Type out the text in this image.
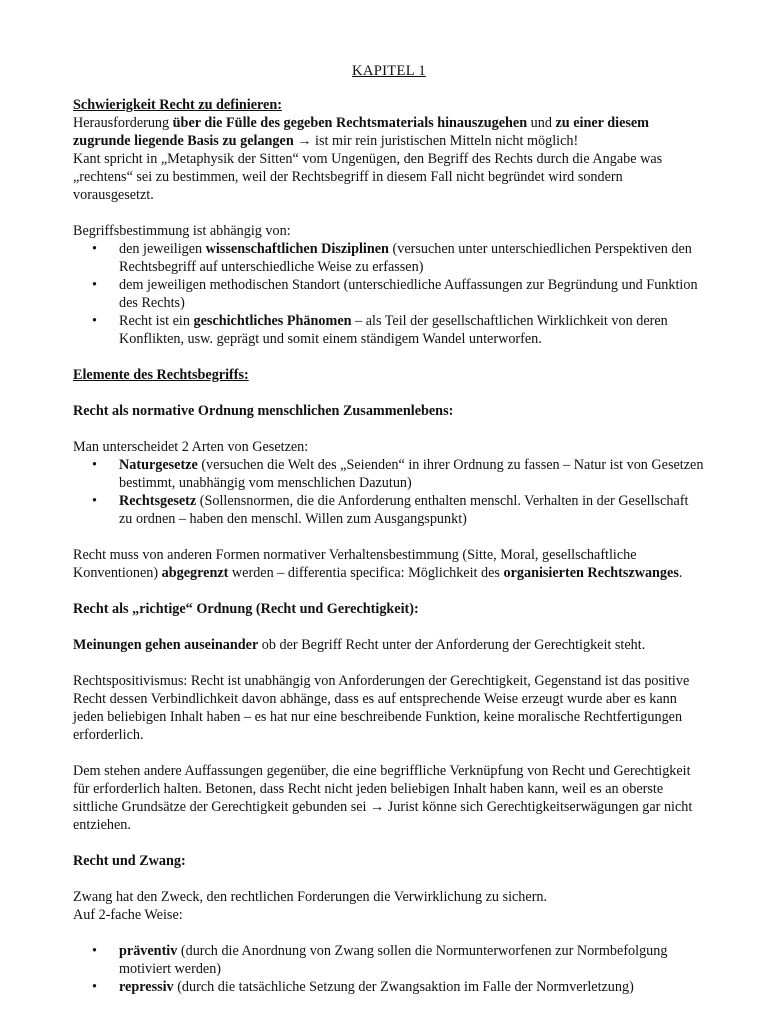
KAPITEL 1

Schwierigkeit Recht zu definieren:

Herausforderung über die Fülle des gegeben Rechtsmaterials hinauszugehen und zu einer diesem zugrunde liegende Basis zu gelangen → ist mir rein juristischen Mitteln nicht möglich!

Kant spricht in „Metaphysik der Sitten“ vom Ungenügen, den Begriff des Rechts durch die Angabe was „rechtens“ sei zu bestimmen, weil der Rechtsbegriff in diesem Fall nicht begründet wird sondern vorausgesetzt.

Begriffsbestimmung ist abhängig von:

• den jeweiligen wissenschaftlichen Disziplinen (versuchen unter unterschiedlichen Perspektiven den Rechtsbegriff auf unterschiedliche Weise zu erfassen)
• dem jeweiligen methodischen Standort (unterschiedliche Auffassungen zur Begründung und Funktion des Rechts)
• Recht ist ein geschichtliches Phänomen – als Teil der gesellschaftlichen Wirklichkeit von deren Konflikten, usw. geprägt und somit einem ständigem Wandel unterworfen.

Elemente des Rechtsbegriffs:

Recht als normative Ordnung menschlichen Zusammenlebens:

Man unterscheidet 2 Arten von Gesetzen:

• Naturgesetze (versuchen die Welt des „Seienden“ in ihrer Ordnung zu fassen – Natur ist von Gesetzen bestimmt, unabhängig vom menschlichen Dazutun)
• Rechtsgesetz (Sollensnormen, die die Anforderung enthalten menschl. Verhalten in der Gesellschaft zu ordnen – haben den menschl. Willen zum Ausgangspunkt)

Recht muss von anderen Formen normativer Verhaltensbestimmung (Sitte, Moral, gesellschaftliche Konventionen) abgegrenzt werden – differentia specifica: Möglichkeit des organisierten Rechtszwanges.

Recht als „richtige“ Ordnung (Recht und Gerechtigkeit):

Meinungen gehen auseinander ob der Begriff Recht unter der Anforderung der Gerechtigkeit steht.

Rechtspositivismus: Recht ist unabhängig von Anforderungen der Gerechtigkeit, Gegenstand ist das positive Recht dessen Verbindlichkeit davon abhänge, dass es auf entsprechende Weise erzeugt wurde aber es kann jeden beliebigen Inhalt haben – es hat nur eine beschreibende Funktion, keine moralische Rechtfertigungen erforderlich.

Dem stehen andere Auffassungen gegenüber, die eine begriffliche Verknüpfung von Recht und Gerechtigkeit für erforderlich halten. Betonen, dass Recht nicht jeden beliebigen Inhalt haben kann, weil es an oberste sittliche Grundsätze der Gerechtigkeit gebunden sei → Jurist könne sich Gerechtigkeitserwägungen gar nicht entziehen.

Recht und Zwang:

Zwang hat den Zweck, den rechtlichen Forderungen die Verwirklichung zu sichern.

Auf 2-fache Weise:

• präventiv (durch die Anordnung von Zwang sollen die Normunterworfenen zur Normbefolgung motiviert werden)
• repressiv (durch die tatsächliche Setzung der Zwangsaktion im Falle der Normverletzung)
